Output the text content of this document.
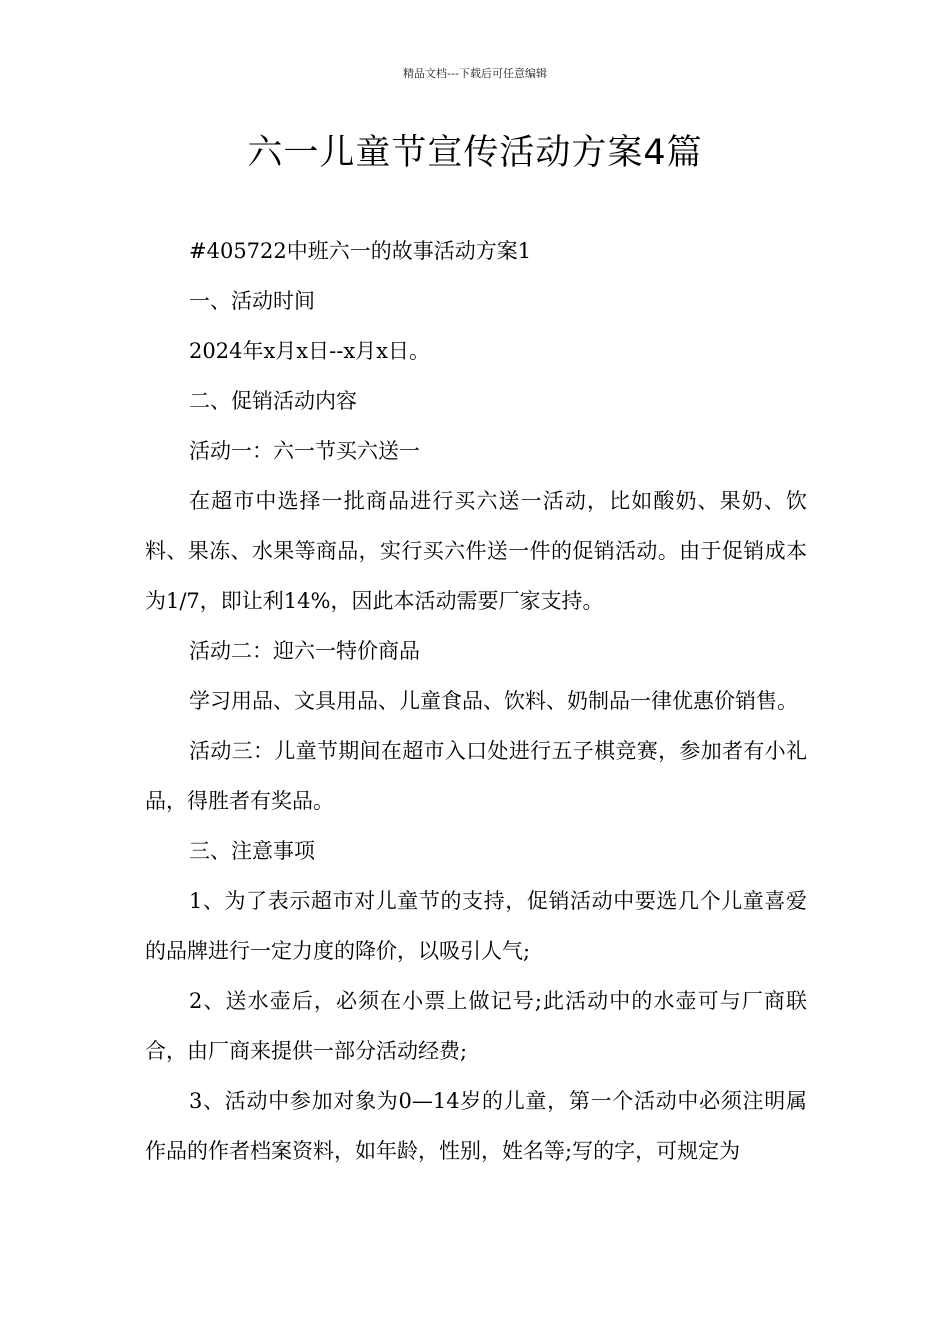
精品文档---下载后可任意编辑
六一儿童节宣传活动方案4篇

#405722中班六一的故事活动方案1

一、活动时间

2024年x月x日--x月x日。

二、促销活动内容

活动一：六一节买六送一

在超市中选择一批商品进行买六送一活动，比如酸奶、果奶、饮料、果冻、水果等商品，实行买六件送一件的促销活动。由于促销成本为1/7，即让利14%，因此本活动需要厂家支持。

活动二：迎六一特价商品

学习用品、文具用品、儿童食品、饮料、奶制品一律优惠价销售。

活动三：儿童节期间在超市入口处进行五子棋竞赛，参加者有小礼品，得胜者有奖品。

三、注意事项

1、为了表示超市对儿童节的支持，促销活动中要选几个儿童喜爱的品牌进行一定力度的降价，以吸引人气;

2、送水壶后，必须在小票上做记号;此活动中的水壶可与厂商联合，由厂商来提供一部分活动经费;

3、活动中参加对象为0—14岁的儿童，第一个活动中必须注明属作品的作者档案资料，如年龄，性别，姓名等;写的字，可规定为
